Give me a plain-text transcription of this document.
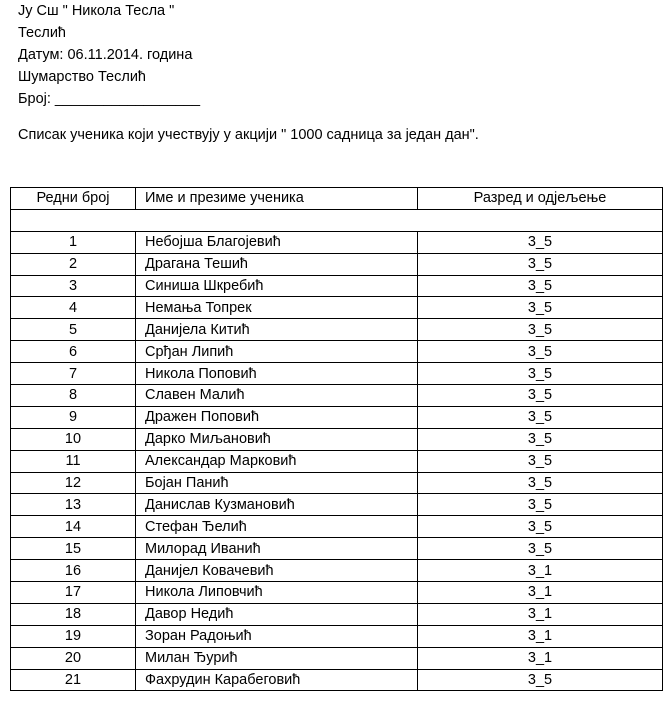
Ју Сш " Никола Тесла "
Теслић
Датум: 06.11.2014. година
Шумарство Теслић
Број: __________________
Списак ученика који учествују у акцији " 1000 садница за један дан".
Редни број	Име и презиме ученика	Разред и одјељење

1	Небојша Благојевић	3_5
2	Драгана Тешић	3_5
3	Синиша Шкребић	3_5
4	Немања Топрек	3_5
5	Данијела Китић	3_5
6	Срђан Липић	3_5
7	Никола Поповић	3_5
8	Славен Малић	3_5
9	Дражен Поповић	3_5
10	Дарко Миљановић	3_5
11	Александар Марковић	3_5
12	Бојан Панић	3_5
13	Данислав Кузмановић	3_5
14	Стефан Ђелић	3_5
15	Милорад Иванић	3_5
16	Данијел Ковачевић	3_1
17	Никола Липовчић	3_1
18	Давор Недић	3_1
19	Зоран Радоњић	3_1
20	Милан Ђурић	3_1
21	Фахрудин Карабеговић	3_5
